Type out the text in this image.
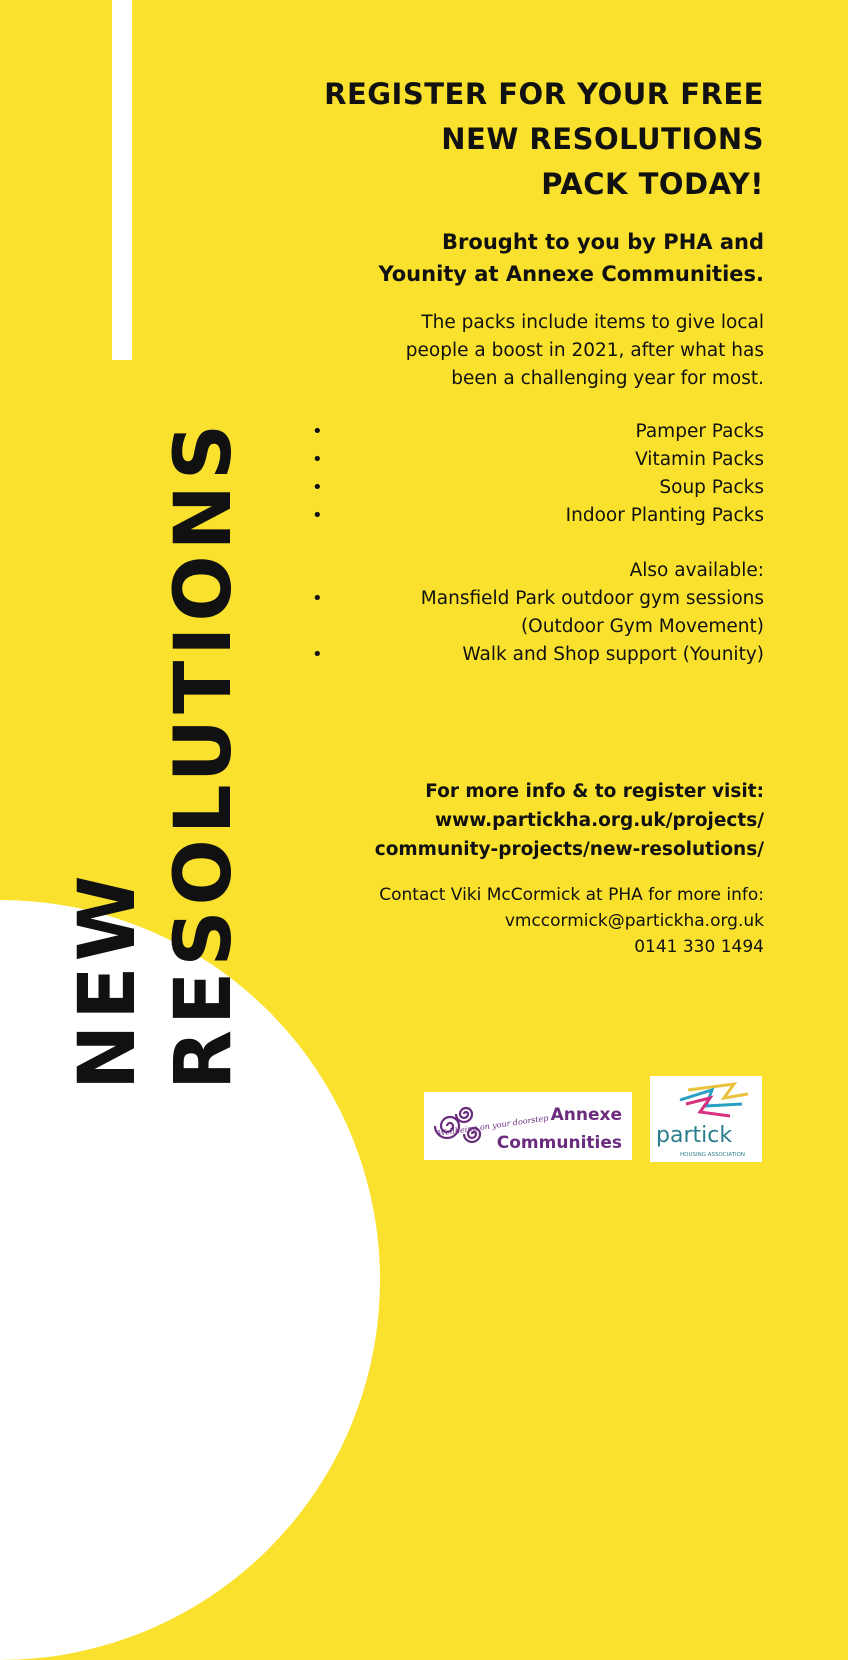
NEW RESOLUTIONS
REGISTER FOR YOUR FREE
NEW RESOLUTIONS
PACK TODAY!
Brought to you by PHA and
Younity at Annexe Communities.
The packs include items to give local
people a boost in 2021, after what has
been a challenging year for most.
•	Pamper Packs
•	Vitamin Packs
•	Soup Packs
•	Indoor Planting Packs
Also available:
•	Mansfield Park outdoor gym sessions
(Outdoor Gym Movement)
•	Walk and Shop support (Younity)
For more info & to register visit:
www.partickha.org.uk/projects/
community-projects/new-resolutions/
Contact Viki McCormick at PHA for more info:
vmccormick@partickha.org.uk
0141 330 1494
Wellbeing on your doorstep Annexe
Communities partick
HOUSING ASSOCIATION
